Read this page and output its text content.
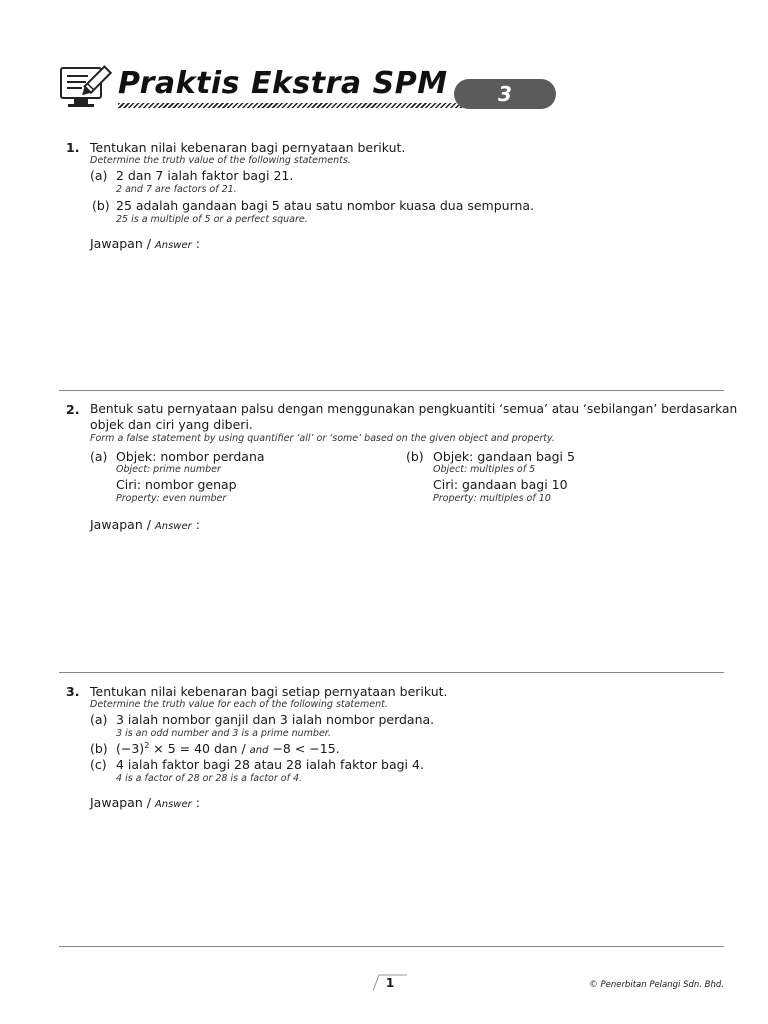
Praktis Ekstra SPM	3
1. Tentukan nilai kebenaran bagi pernyataan berikut.
Determine the truth value of the following statements.
(a) 2 dan 7 ialah faktor bagi 21.
2 and 7 are factors of 21.
(b) 25 adalah gandaan bagi 5 atau satu nombor kuasa dua sempurna.
25 is a multiple of 5 or a perfect square.
Jawapan / Answer :
2. Bentuk satu pernyataan palsu dengan menggunakan pengkuantiti ‘semua’ atau ‘sebilangan’ berdasarkan
objek dan ciri yang diberi.
Form a false statement by using quantifier ‘all’ or ‘some’ based on the given object and property.
(a) Objek: nombor perdana
Object: prime number
Ciri: nombor genap
Property: even number
(b) Objek: gandaan bagi 5
Object: multiples of 5
Ciri: gandaan bagi 10
Property: multiples of 10
Jawapan / Answer :
3. Tentukan nilai kebenaran bagi setiap pernyataan berikut.
Determine the truth value for each of the following statement.
(a) 3 ialah nombor ganjil dan 3 ialah nombor perdana.
3 is an odd number and 3 is a prime number.
(b) $(-3)^2 \times 5 = 40$ dan / and −8 < −15.
(c) 4 ialah faktor bagi 28 atau 28 ialah faktor bagi 4.
4 is a factor of 28 or 28 is a factor of 4.
Jawapan / Answer :
1	© Penerbitan Pelangi Sdn. Bhd.
